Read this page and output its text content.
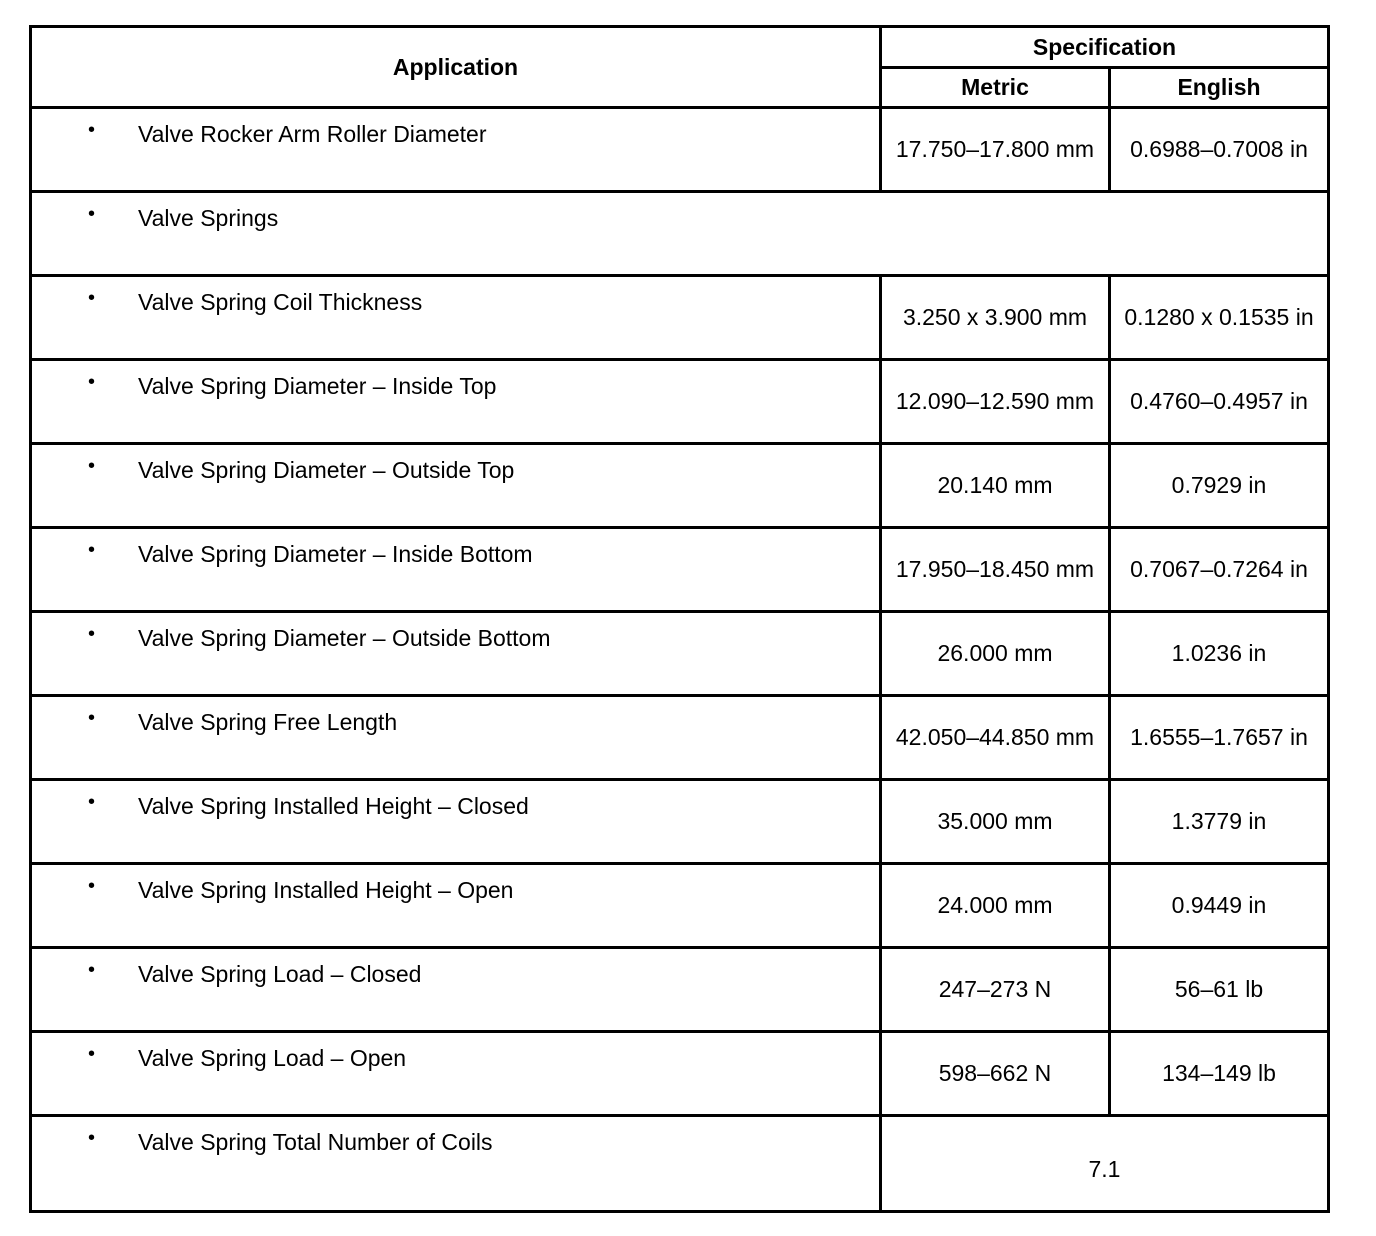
Application	Specification	
	Metric	English

• Valve Rocker Arm Roller Diameter	17.750–17.800 mm	0.6988–0.7008 in

• Valve Springs		

• Valve Spring Coil Thickness	3.250 x 3.900 mm	0.1280 x 0.1535 in

• Valve Spring Diameter – Inside Top	12.090–12.590 mm	0.4760–0.4957 in

• Valve Spring Diameter – Outside Top	20.140 mm	0.7929 in

• Valve Spring Diameter – Inside Bottom	17.950–18.450 mm	0.7067–0.7264 in

• Valve Spring Diameter – Outside Bottom	26.000 mm	1.0236 in

• Valve Spring Free Length	42.050–44.850 mm	1.6555–1.7657 in

• Valve Spring Installed Height – Closed	35.000 mm	1.3779 in

• Valve Spring Installed Height – Open	24.000 mm	0.9449 in

• Valve Spring Load – Closed	247–273 N	56–61 lb

• Valve Spring Load – Open	598–662 N	134–149 lb

• Valve Spring Total Number of Coils	7.1	
